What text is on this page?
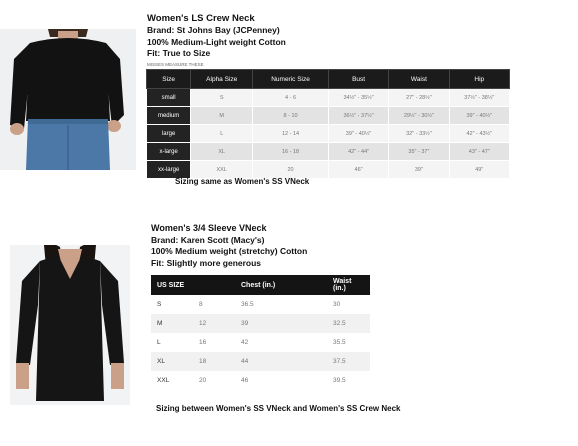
Women's LS Crew Neck
Brand: St Johns Bay (JCPenney)
100% Medium-Light weight Cotton
Fit: True to Size
MISSES MEASURE THESE
Size	Alpha Size	Numeric Size	Bust	Waist	Hip
small	S	4 - 6	34½" - 35½"	27" - 28½"	37½" - 38½"
medium	M	8 - 10	36½" - 37½"	29½" - 30½"	39" - 40½"
large	L	12 - 14	39" - 40½"	32" - 33½"	42" - 43½"
x-large	XL	16 - 18	42" - 44"	35" - 37"	43" - 47"
xx-large	XXL	20	46"	39"	49"
Sizing same as Women's SS VNeck
Women's 3/4 Sleeve VNeck
Brand: Karen Scott (Macy's)
100% Medium weight (stretchy) Cotton
Fit: Slightly more generous
US SIZE		Chest (in.)	Waist (in.)
S	8	36.5	30
M	12	39	32.5
L	16	42	35.5
XL	18	44	37.5
XXL	20	46	39.5
Sizing between Women's SS VNeck and Women's SS Crew Neck
